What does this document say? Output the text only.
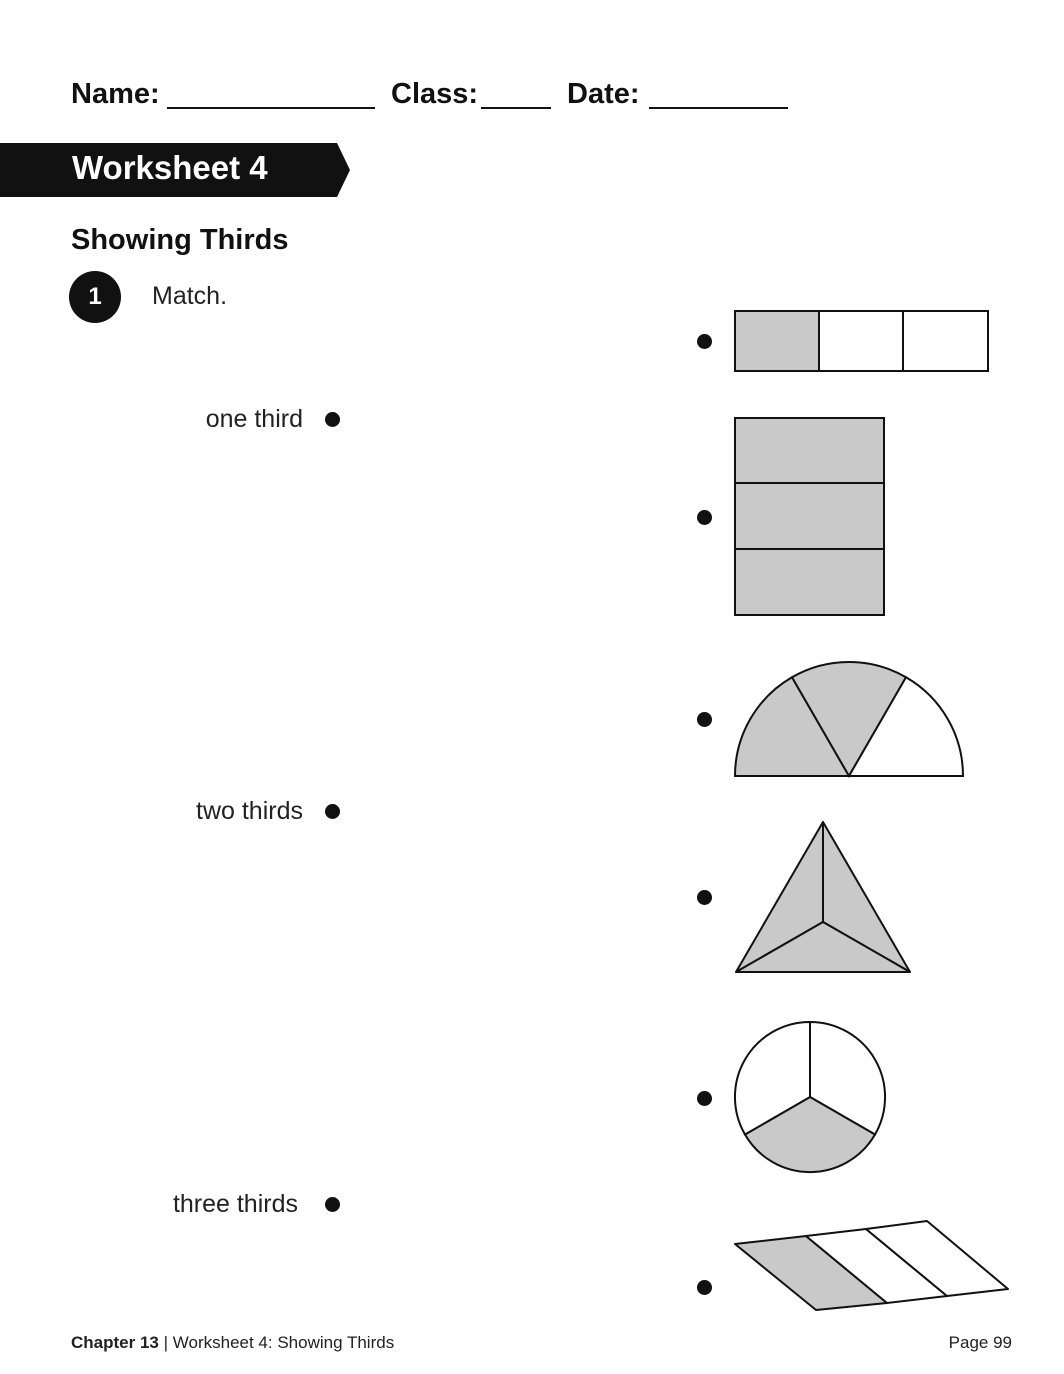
Name:	Class:	Date:
Worksheet 4
Showing Thirds
1	Match.
one third
two thirds
three thirds
Chapter 13 | Worksheet 4: Showing Thirds	Page 99
